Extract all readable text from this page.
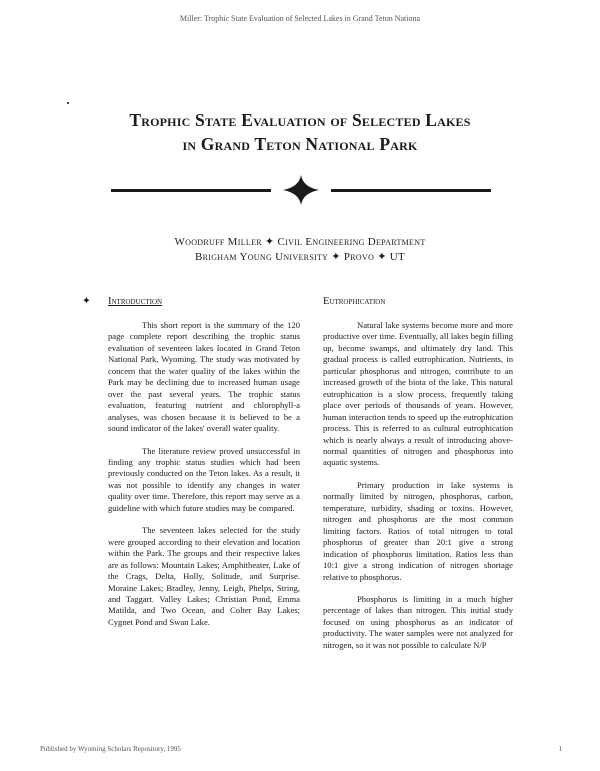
Miller: Trophic State Evaluation of Selected Lakes in Grand Teton Nationa
Trophic State Evaluation of Selected Lakes
in Grand Teton National Park
Woodruff Miller ✦ Civil Engineering Department
Brigham Young University ✦ Provo ✦ UT
✦ Introduction

This short report is the summary of the 120 page complete report describing the trophic status evaluation of seventeen lakes located in Grand Teton National Park, Wyoming. The study was motivated by concern that the water quality of the lakes within the Park may be declining due to increased human usage over the past several years. The trophic status evaluation, featuring nutrient and chlorophyll-a analyses, was chosen because it is believed to be a sound indicator of the lakes' overall water quality.

The literature review proved unsuccessful in finding any trophic status studies which had been previously conducted on the Teton lakes. As a result, it was not possible to identify any changes in water quality over time. Therefore, this report may serve as a guideline with which future studies may be compared.

The seventeen lakes selected for the study were grouped according to their elevation and location within the Park. The groups and their respective lakes are as follows: Mountain Lakes; Amphitheater, Lake of the Crags, Delta, Holly, Solitude, and Surprise. Moraine Lakes; Bradley, Jenny, Leigh, Phelps, String, and Taggart. Valley Lakes; Christian Pond, Emma Matilda, and Two Ocean, and Colter Bay Lakes; Cygnet Pond and Swan Lake.

Eutrophication

Natural lake systems become more and more productive over time. Eventually, all lakes begin filling up, become swamps, and ultimately dry land. This gradual process is called eutrophication. Nutrients, in particular phosphorus and nitrogen, contribute to an increased growth of the biota of the lake. This natural eutrophication is a slow process, frequently taking place over periods of thousands of years. However, human interaction tends to speed up the eutrophication process. This is referred to as cultural eutrophication which is nearly always a result of introducing above-normal quantities of nitrogen and phosphorus into aquatic systems.

Primary production in lake systems is normally limited by nitrogen, phosphorus, carbon, temperature, turbidity, shading or toxins. However, nitrogen and phosphorus are the most common limiting factors. Ratios of total nitrogen to total phosphorus of greater than 20:1 give a strong indication of phosphorus limitation. Ratios less than 10:1 give a strong indication of nitrogen shortage relative to phosphorus.

Phosphorus is limiting in a much higher percentage of lakes than nitrogen. This initial study focused on using phosphorus as an indicator of productivity. The water samples were not analyzed for nitrogen, so it was not possible to calculate N/P

Published by Wyoming Scholars Repository, 1995	1
